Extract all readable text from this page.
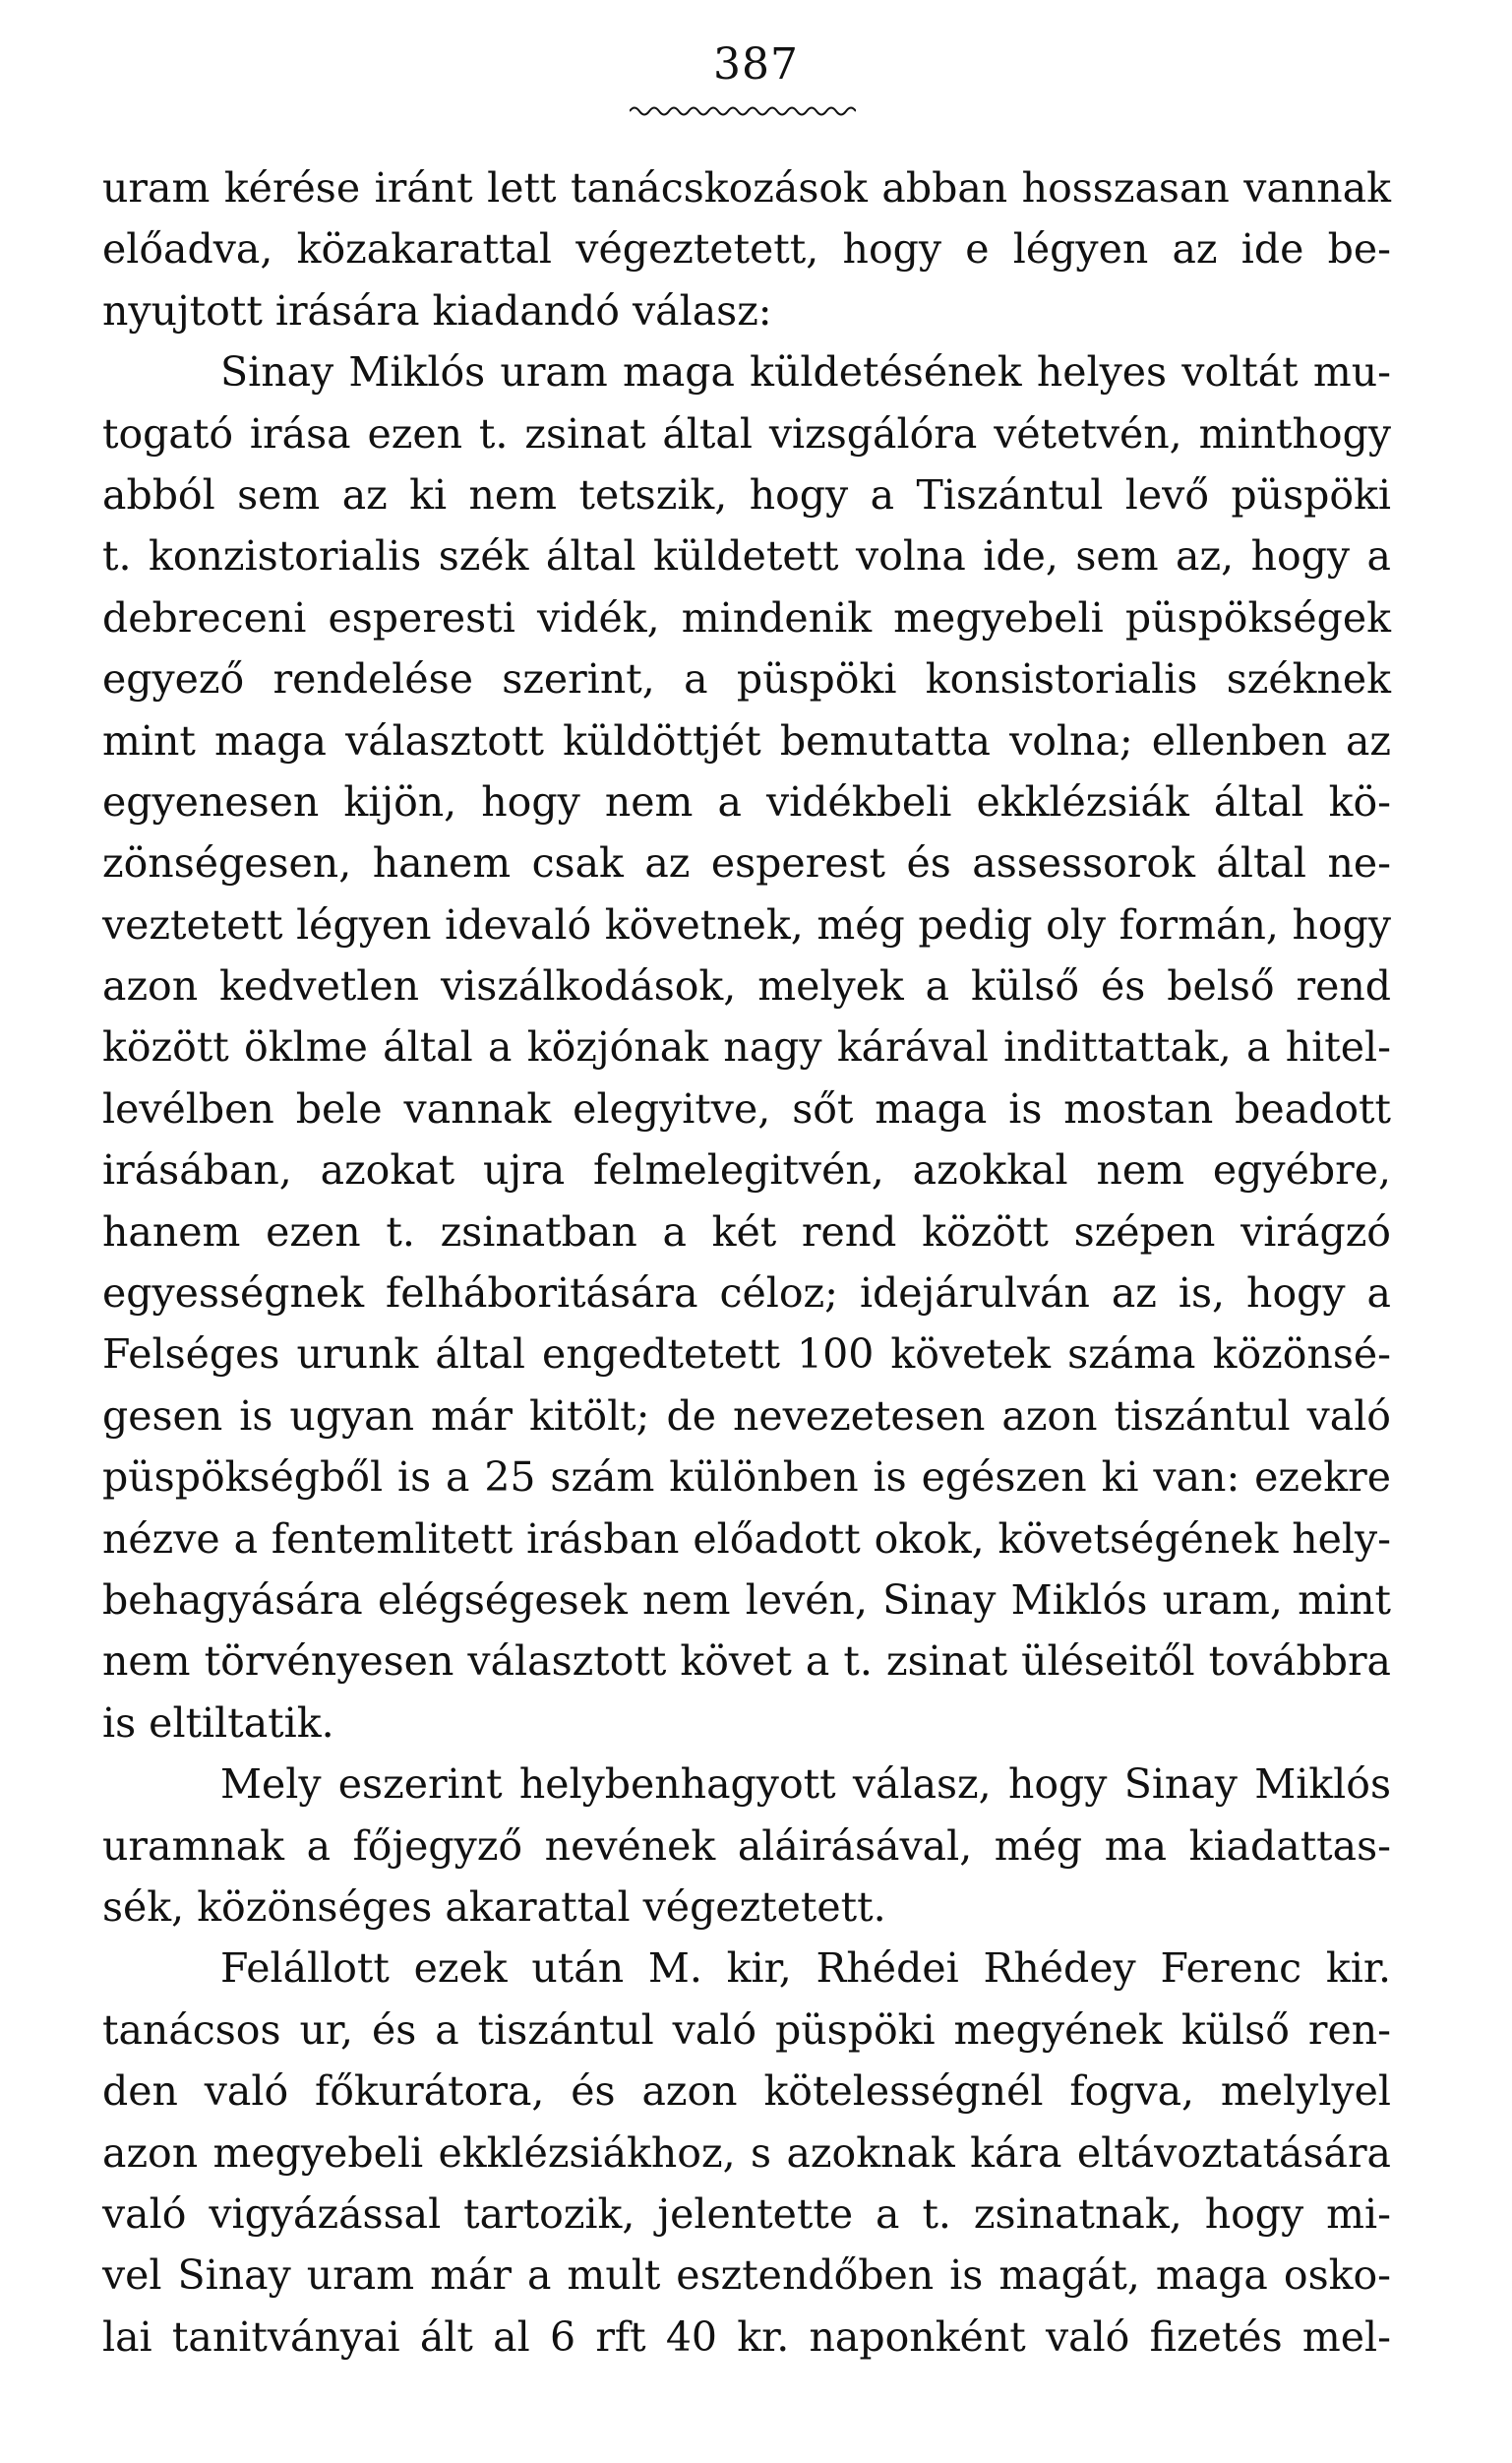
387
uram kérése iránt lett tanácskozások abban hosszasan vannak
előadva, közakarattal végeztetett, hogy e légyen az ide be-
nyujtott irására kiadandó válasz:
Sinay Miklós uram maga küldetésének helyes voltát mu-
togató irása ezen t. zsinat által vizsgálóra vétetvén, minthogy
abból sem az ki nem tetszik, hogy a Tiszántul levő püspöki
t. konzistorialis szék által küldetett volna ide, sem az, hogy a
debreceni esperesti vidék, mindenik megyebeli püspökségek
egyező rendelése szerint, a püspöki konsistorialis széknek
mint maga választott küldöttjét bemutatta volna; ellenben az
egyenesen kijön, hogy nem a vidékbeli ekklézsiák által kö-
zönségesen, hanem csak az esperest és assessorok által ne-
veztetett légyen idevaló követnek, még pedig oly formán, hogy
azon kedvetlen viszálkodások, melyek a külső és belső rend
között öklme által a közjónak nagy kárával indittattak, a hitel-
levélben bele vannak elegyitve, sőt maga is mostan beadott
irásában, azokat ujra felmelegitvén, azokkal nem egyébre,
hanem ezen t. zsinatban a két rend között szépen virágzó
egyességnek felháboritására céloz; idejárulván az is, hogy a
Felséges urunk által engedtetett 100 követek száma közönsé-
gesen is ugyan már kitölt; de nevezetesen azon tiszántul való
püspökségből is a 25 szám különben is egészen ki van: ezekre
nézve a fentemlitett irásban előadott okok, követségének hely-
behagyására elégségesek nem levén, Sinay Miklós uram, mint
nem törvényesen választott követ a t. zsinat üléseitől továbbra
is eltiltatik.
Mely eszerint helybenhagyott válasz, hogy Sinay Miklós
uramnak a főjegyző nevének aláirásával, még ma kiadattas-
sék, közönséges akarattal végeztetett.
Felállott ezek után M. kir, Rhédei Rhédey Ferenc kir.
tanácsos ur, és a tiszántul való püspöki megyének külső ren-
den való főkurátora, és azon kötelességnél fogva, melylyel
azon megyebeli ekklézsiákhoz, s azoknak kára eltávoztatására
való vigyázással tartozik, jelentette a t. zsinatnak, hogy mi-
vel Sinay uram már a mult esztendőben is magát, maga osko-
lai tanitványai ált al 6 rft 40 kr. naponként való fizetés mel-
